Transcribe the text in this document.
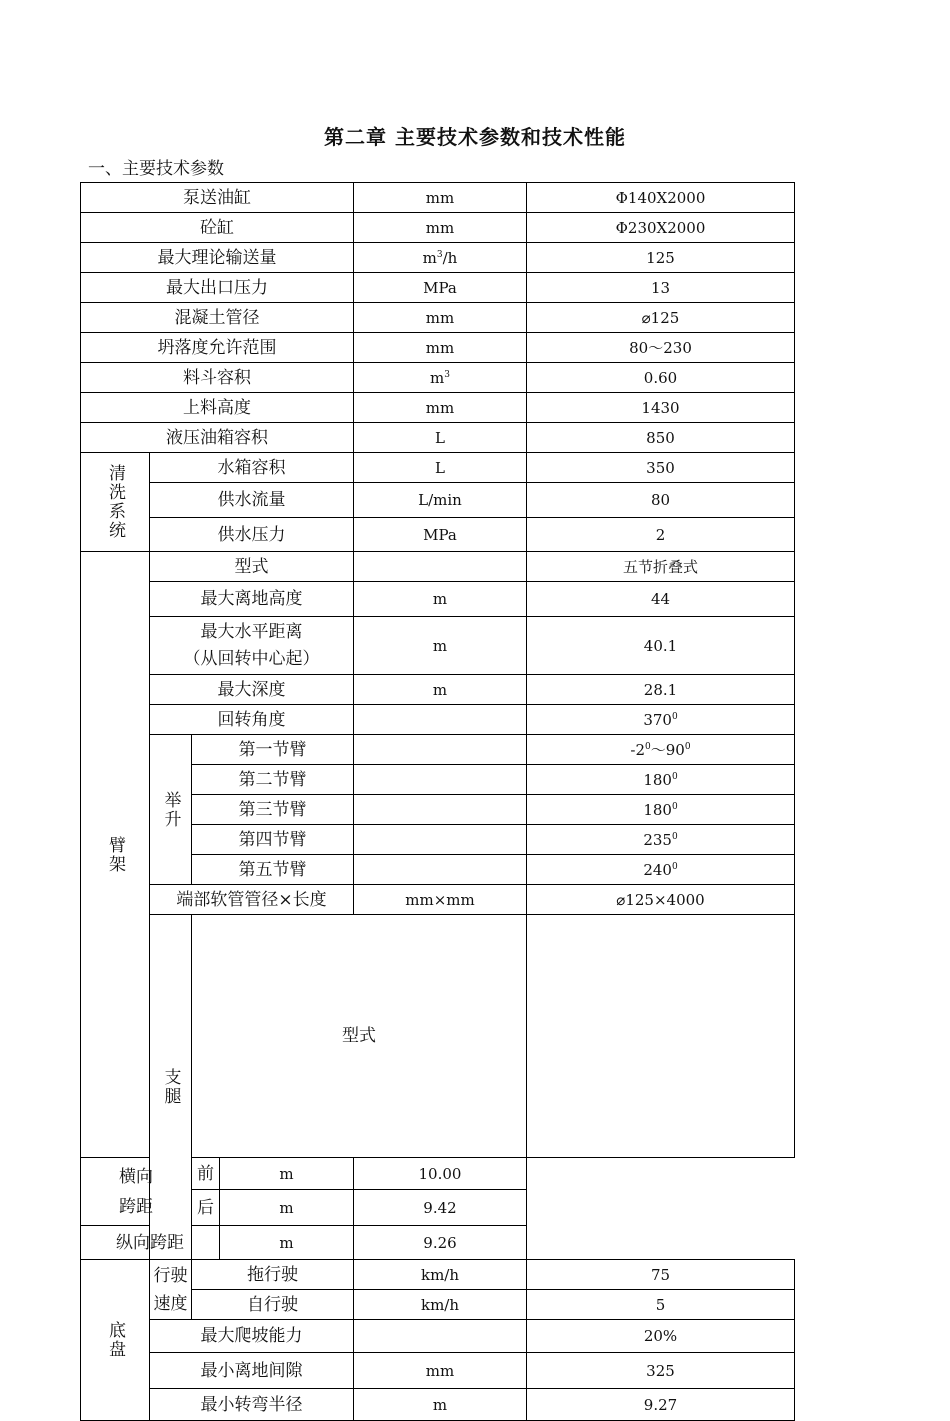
第二章 主要技术参数和技术性能
一、主要技术参数
泵送油缸				mm	Φ140X2000	
砼缸				mm	Φ230X2000	
最大理论输送量				$m^3/h$	125	
最大出口压力				MPa	13	
混凝土管径				mm	⌀125	
坍落度允许范围				mm	80～230	
料斗容积				$m^3$	0.60	
上料高度				mm	1430	
液压油箱容积				L	850	
清洗系统	水箱容积			L	350	
	供水流量			L/min	80	
	供水压力			MPa	2	
臂架	型式				五节折叠式	
	最大离地高度			m	44	

	最大水平距离
（从回转中心起）			m	40.1	
	最大深度			m	28.1	
	回转角度				$370^0$
	举升	第一节臂			$-2^0\sim 90^0$
		第二节臂			$180^0$
		第三节臂			$180^0$
		第四节臂			$235^0$
		第五节臂			$240^0$
	端部软管管径×长度			mm×mm	⌀125×4000	
	支腿	型式		

横向
跨距		前	m	10.00		
		后	m	9.42		
纵向跨距			m	9.26		
底盘	行驶
速度	拖行驶		km/h	75	
		自行驶		km/h	5	
	最大爬坡能力				20%	
	最小离地间隙			mm	325	
	最小转弯半径			m	9.27	
